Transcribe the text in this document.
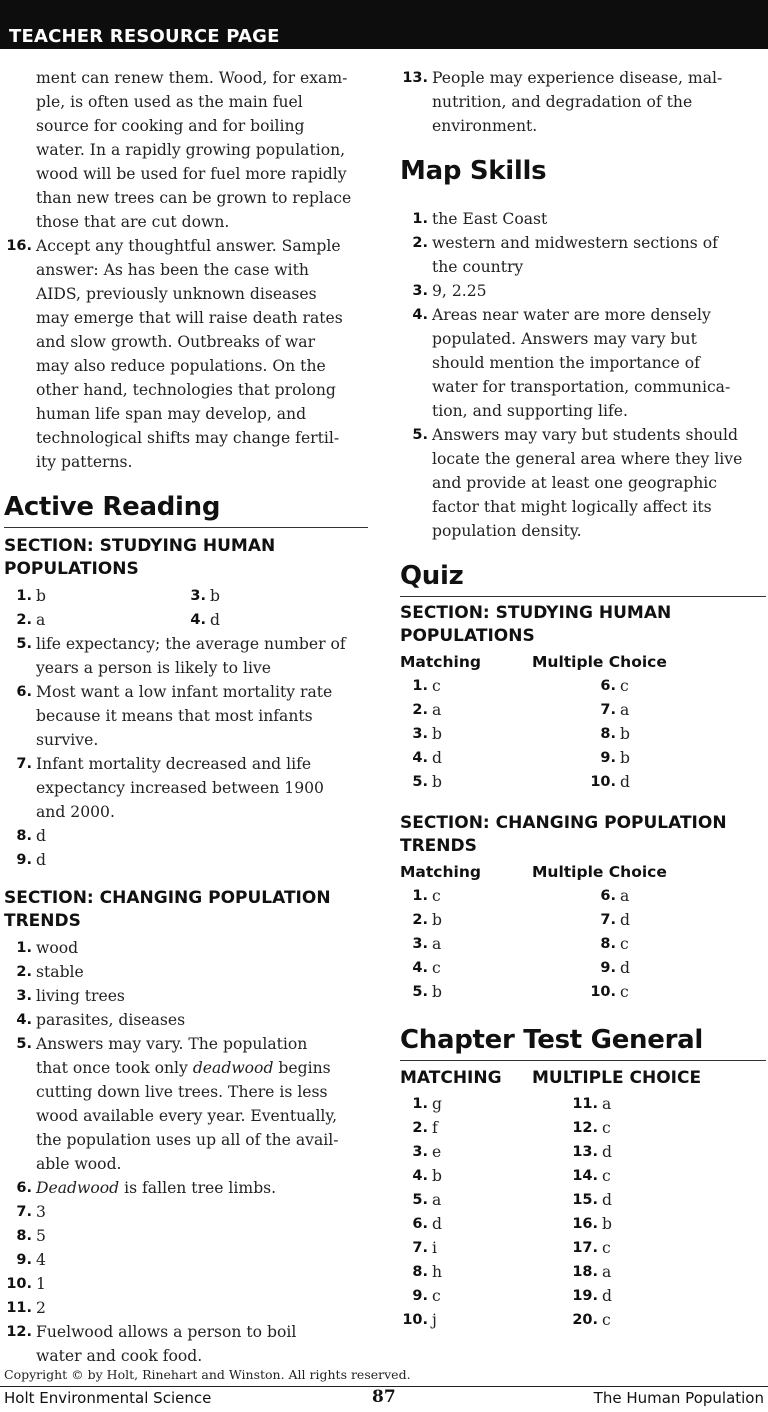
TEACHER RESOURCE PAGE
ment can renew them. Wood, for exam-
ple, is often used as the main fuel
source for cooking and for boiling
water. In a rapidly growing population,
wood will be used for fuel more rapidly
than new trees can be grown to replace
those that are cut down.
16. Accept any thoughtful answer. Sample
answer: As has been the case with
AIDS, previously unknown diseases
may emerge that will raise death rates
and slow growth. Outbreaks of war
may also reduce populations. On the
other hand, technologies that prolong
human life span may develop, and
technological shifts may change fertil-
ity patterns.
Active Reading
SECTION: STUDYING HUMAN
POPULATIONS
1. b	3. b
2. a	4. d
5. life expectancy; the average number of
years a person is likely to live
6. Most want a low infant mortality rate
because it means that most infants
survive.
7. Infant mortality decreased and life
expectancy increased between 1900
and 2000.
8. d
9. d
SECTION: CHANGING POPULATION
TRENDS
1. wood
2. stable
3. living trees
4. parasites, diseases
5. Answers may vary. The population
that once took only deadwood begins
cutting down live trees. There is less
wood available every year. Eventually,
the population uses up all of the avail-
able wood.
6. Deadwood is fallen tree limbs.
7. 3
8. 5
9. 4
10. 1
11. 2
12. Fuelwood allows a person to boil
water and cook food.
13. People may experience disease, mal-
nutrition, and degradation of the
environment.
Map Skills
1. the East Coast
2. western and midwestern sections of
the country
3. 9, 2.25
4. Areas near water are more densely
populated. Answers may vary but
should mention the importance of
water for transportation, communica-
tion, and supporting life.
5. Answers may vary but students should
locate the general area where they live
and provide at least one geographic
factor that might logically affect its
population density.
Quiz
SECTION: STUDYING HUMAN
POPULATIONS
Matching	Multiple Choice
1. c	6. c
2. a	7. a
3. b	8. b
4. d	9. b
5. b	10. d
SECTION: CHANGING POPULATION
TRENDS
Matching	Multiple Choice
1. c	6. a
2. b	7. d
3. a	8. c
4. c	9. d
5. b	10. c
Chapter Test General
MATCHING MULTIPLE CHOICE
1. g	11. a
2. f	12. c
3. e	13. d
4. b	14. c
5. a	15. d
6. d	16. b
7. i	17. c
8. h	18. a
9. c	19. d
10. j	20. c
Copyright © by Holt, Rinehart and Winston. All rights reserved.
Holt Environmental Science	87	The Human Population
